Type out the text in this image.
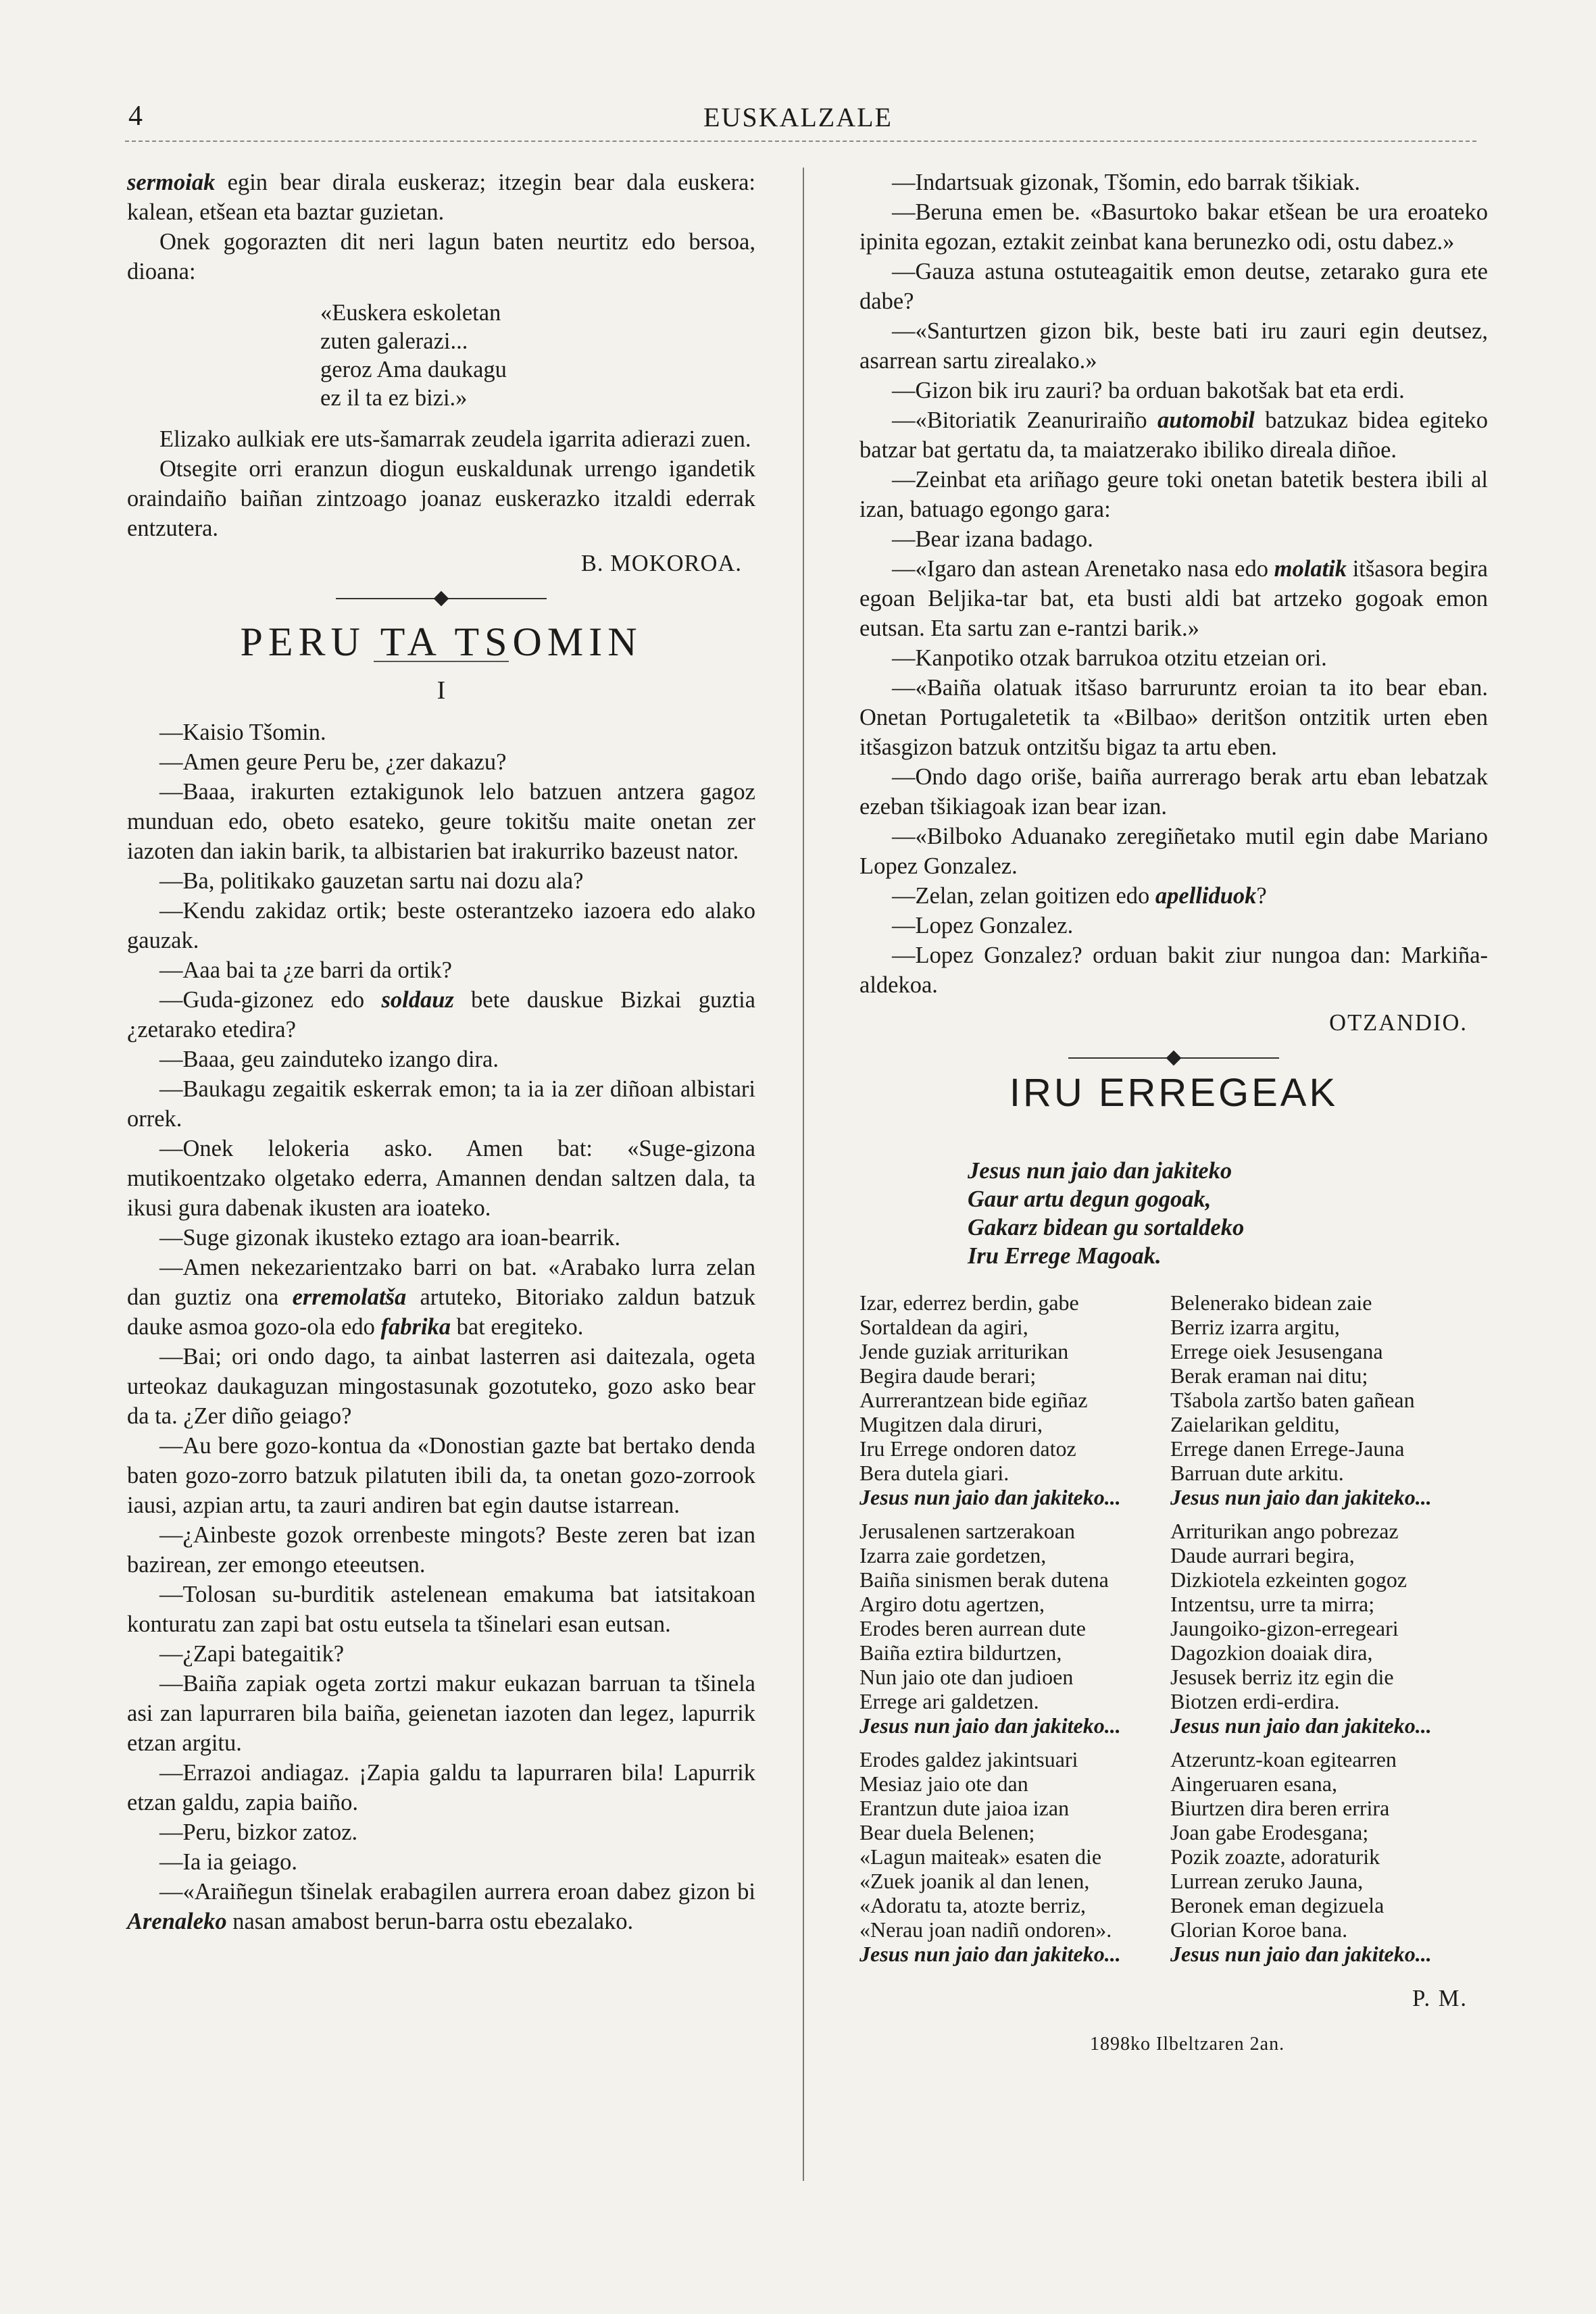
4	EUSKALZALE

sermoiak egin bear dirala euskeraz; itzegin bear dala euskera: kalean, etšean eta baztar guzietan.

Onek gogorazten dit neri lagun baten neurtitz edo bersoa, dioana:

«Euskera eskoletan
zuten galerazi...
geroz Ama daukagu
ez il ta ez bizi.»

Elizako aulkiak ere uts-šamarrak zeudela igarrita adierazi zuen.

Otsegite orri eranzun diogun euskaldunak urrengo igandetik oraindaiño baiñan zintzoago joanaz euskerazko itzaldi ederrak entzutera.

B. MOKOROA.
PERU TA TSOMIN
I

—Kaisio Tšomin.

—Amen geure Peru be, ¿zer dakazu?

—Baaa, irakurten eztakigunok lelo batzuen antzera gagoz munduan edo, obeto esateko, geure tokitšu maite onetan zer iazoten dan iakin barik, ta albistarien bat irakurriko bazeust nator.

—Ba, politikako gauzetan sartu nai dozu ala?

—Kendu zakidaz ortik; beste osterantzeko iazoera edo alako gauzak.

—Aaa bai ta ¿ze barri da ortik?

—Guda-gizonez edo soldauz bete dauskue Bizkai guztia ¿zetarako etedira?

—Baaa, geu zainduteko izango dira.

—Baukagu zegaitik eskerrak emon; ta ia ia zer diñoan albistari orrek.

—Onek lelokeria asko. Amen bat: «Suge-gizona mutikoentzako olgetako ederra, Amannen dendan saltzen dala, ta ikusi gura dabenak ikusten ara ioateko.

—Suge gizonak ikusteko eztago ara ioan-bearrik.

—Amen nekezarientzako barri on bat. «Arabako lurra zelan dan guztiz ona erremolatša artuteko, Bitoriako zaldun batzuk dauke asmoa gozo-ola edo fabrika bat eregiteko.

—Bai; ori ondo dago, ta ainbat lasterren asi daitezala, ogeta urteokaz daukaguzan mingostasunak gozotuteko, gozo asko bear da ta. ¿Zer diño geiago?

—Au bere gozo-kontua da «Donostian gazte bat bertako denda baten gozo-zorro batzuk pilatuten ibili da, ta onetan gozo-zorrook iausi, azpian artu, ta zauri andiren bat egin dautse istarrean.

—¿Ainbeste gozok orrenbeste mingots? Beste zeren bat izan bazirean, zer emongo eteeutsen.

—Tolosan su-burditik astelenean emakuma bat iatsitakoan konturatu zan zapi bat ostu eutsela ta tšinelari esan eutsan.

—¿Zapi bategaitik?

—Baiña zapiak ogeta zortzi makur eukazan barruan ta tšinela asi zan lapurraren bila baiña, geienetan iazoten dan legez, lapurrik etzan argitu.

—Errazoi andiagaz. ¡Zapia galdu ta lapurraren bila! Lapurrik etzan galdu, zapia baiño.

—Peru, bizkor zatoz.

—Ia ia geiago.

—«Araiñegun tšinelak erabagilen aurrera eroan dabez gizon bi Arenaleko nasan amabost berun-barra ostu ebezalako.

—Indartsuak gizonak, Tšomin, edo barrak tšikiak.

—Beruna emen be. «Basurtoko bakar etšean be ura eroateko ipinita egozan, eztakit zeinbat kana berunezko odi, ostu dabez.»

—Gauza astuna ostuteagaitik emon deutse, zetarako gura ete dabe?

—«Santurtzen gizon bik, beste bati iru zauri egin deutsez, asarrean sartu zirealako.»

—Gizon bik iru zauri? ba orduan bakotšak bat eta erdi.

—«Bitoriatik Zeanuriraiño automobil batzukaz bidea egiteko batzar bat gertatu da, ta maiatzerako ibiliko direala diñoe.

—Zeinbat eta ariñago geure toki onetan batetik bestera ibili al izan, batuago egongo gara:

—Bear izana badago.

—«Igaro dan astean Arenetako nasa edo molatik itšasora begira egoan Beljika-tar bat, eta busti aldi bat artzeko gogoak emon eutsan. Eta sartu zan e-rantzi barik.»

—Kanpotiko otzak barrukoa otzitu etzeian ori.

—«Baiña olatuak itšaso barruruntz eroian ta ito bear eban. Onetan Portugaletetik ta «Bilbao» deritšon ontzitik urten eben itšasgizon batzuk ontzitšu bigaz ta artu eben.

—Ondo dago oriše, baiña aurrerago berak artu eban lebatzak ezeban tšikiagoak izan bear izan.

—«Bilboko Aduanako zeregiñetako mutil egin dabe Mariano Lopez Gonzalez.

—Zelan, zelan goitizen edo apelliduok?

—Lopez Gonzalez.

—Lopez Gonzalez? orduan bakit ziur nungoa dan: Markiña-aldekoa.

OTZANDIO.
IRU ERREGEAK
Jesus nun jaio dan jakiteko
Gaur artu degun gogoak,
Gakarz bidean gu sortaldeko
Iru Errege Magoak.
Izar, ederrez berdin, gabe
Sortaldean da agiri,
Jende guziak arriturikan
Begira daude berari;
Aurrerantzean bide egiñaz
Mugitzen dala diruri,
Iru Errege ondoren datoz
Bera dutela giari.
Jesus nun jaio dan jakiteko...
Jerusalenen sartzerakoan
Izarra zaie gordetzen,
Baiña sinismen berak dutena
Argiro dotu agertzen,
Erodes beren aurrean dute
Baiña eztira bildurtzen,
Nun jaio ote dan judioen
Errege ari galdetzen.
Jesus nun jaio dan jakiteko...
Erodes galdez jakintsuari
Mesiaz jaio ote dan
Erantzun dute jaioa izan
Bear duela Belenen;
«Lagun maiteak» esaten die
«Zuek joanik al dan lenen,
«Adoratu ta, atozte berriz,
«Nerau joan nadiñ ondoren».
Jesus nun jaio dan jakiteko...
Belenerako bidean zaie
Berriz izarra argitu,
Errege oiek Jesusengana
Berak eraman nai ditu;
Tšabola zartšo baten gañean
Zaielarikan gelditu,
Errege danen Errege-Jauna
Barruan dute arkitu.
Jesus nun jaio dan jakiteko...
Arriturikan ango pobrezaz
Daude aurrari begira,
Dizkiotela ezkeinten gogoz
Intzentsu, urre ta mirra;
Jaungoiko-gizon-erregeari
Dagozkion doaiak dira,
Jesusek berriz itz egin die
Biotzen erdi-erdira.
Jesus nun jaio dan jakiteko...
Atzeruntz-koan egitearren
Aingeruaren esana,
Biurtzen dira beren errira
Joan gabe Erodesgana;
Pozik zoazte, adoraturik
Lurrean zeruko Jauna,
Beronek eman degizuela
Glorian Koroe bana.
Jesus nun jaio dan jakiteko...
P. M.
1898ko Ilbeltzaren 2an.
